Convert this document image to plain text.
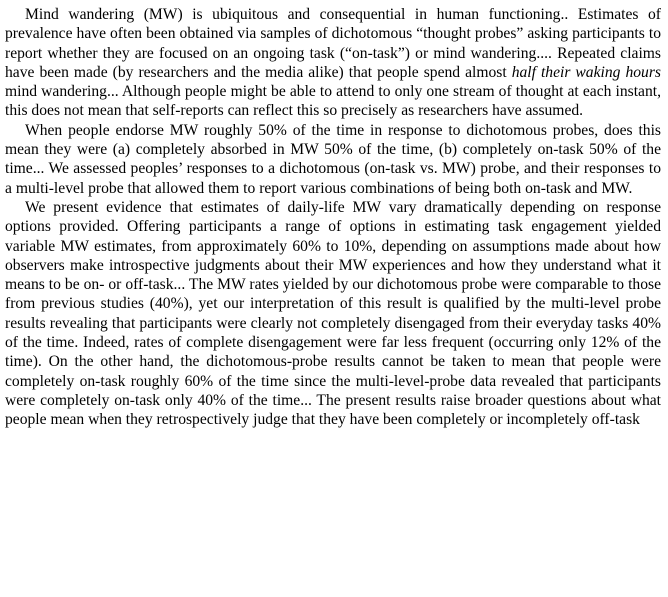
Mind wandering (MW) is ubiquitous and consequential in human functioning.. Estimates of prevalence have often been obtained via samples of dichotomous “thought probes” asking participants to report whether they are focused on an ongoing task (“on-task”) or mind wandering.... Repeated claims have been made (by researchers and the media alike) that people spend almost half their waking hours mind wandering... Although people might be able to attend to only one stream of thought at each instant, this does not mean that self-reports can reflect this so precisely as researchers have assumed.

When people endorse MW roughly 50% of the time in response to dichotomous probes, does this mean they were (a) completely absorbed in MW 50% of the time, (b) completely on-task 50% of the time... We assessed peoples’ responses to a dichotomous (on-task vs. MW) probe, and their responses to a multi-level probe that allowed them to report various combinations of being both on-task and MW.

We present evidence that estimates of daily-life MW vary dramatically depending on response options provided. Offering participants a range of options in estimating task engagement yielded variable MW estimates, from approximately 60% to 10%, depending on assumptions made about how observers make introspective judgments about their MW experiences and how they understand what it means to be on- or off-task... The MW rates yielded by our dichotomous probe were comparable to those from previous studies (40%), yet our interpretation of this result is qualified by the multi-level probe results revealing that participants were clearly not completely disengaged from their everyday tasks 40% of the time. Indeed, rates of complete disengagement were far less frequent (occurring only 12% of the time). On the other hand, the dichotomous-probe results cannot be taken to mean that people were completely on-task roughly 60% of the time since the multi-level-probe data revealed that participants were completely on-task only 40% of the time... The present results raise broader questions about what people mean when they retrospectively judge that they have been completely or incompletely off-task
